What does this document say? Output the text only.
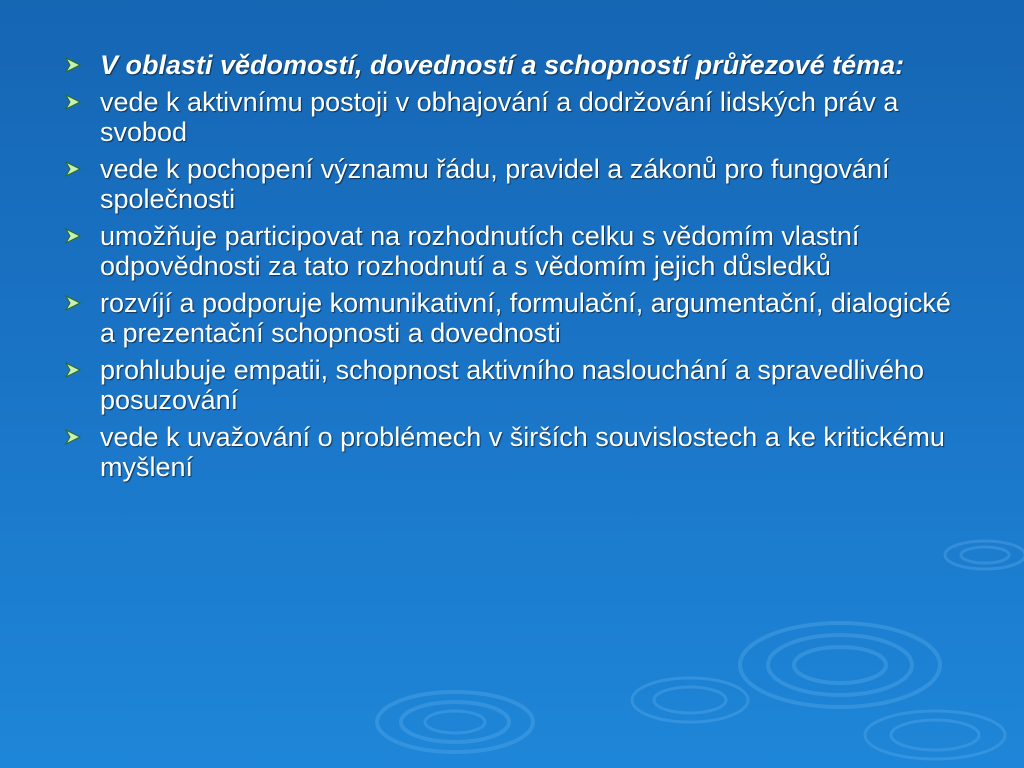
V oblasti vědomostí, dovedností a schopností průřezové téma:
vede k aktivnímu postoji v obhajování a dodržování lidských práv a svobod
vede k pochopení významu řádu, pravidel a zákonů pro fungování společnosti
umožňuje participovat na rozhodnutích celku s vědomím vlastní odpovědnosti za tato rozhodnutí a s vědomím jejich důsledků
rozvíjí a podporuje komunikativní, formulační, argumentační, dialogické a prezentační schopnosti a dovednosti
prohlubuje empatii, schopnost aktivního naslouchání a spravedlivého posuzování
vede k uvažování o problémech v širších souvislostech a ke kritickému myšlení
